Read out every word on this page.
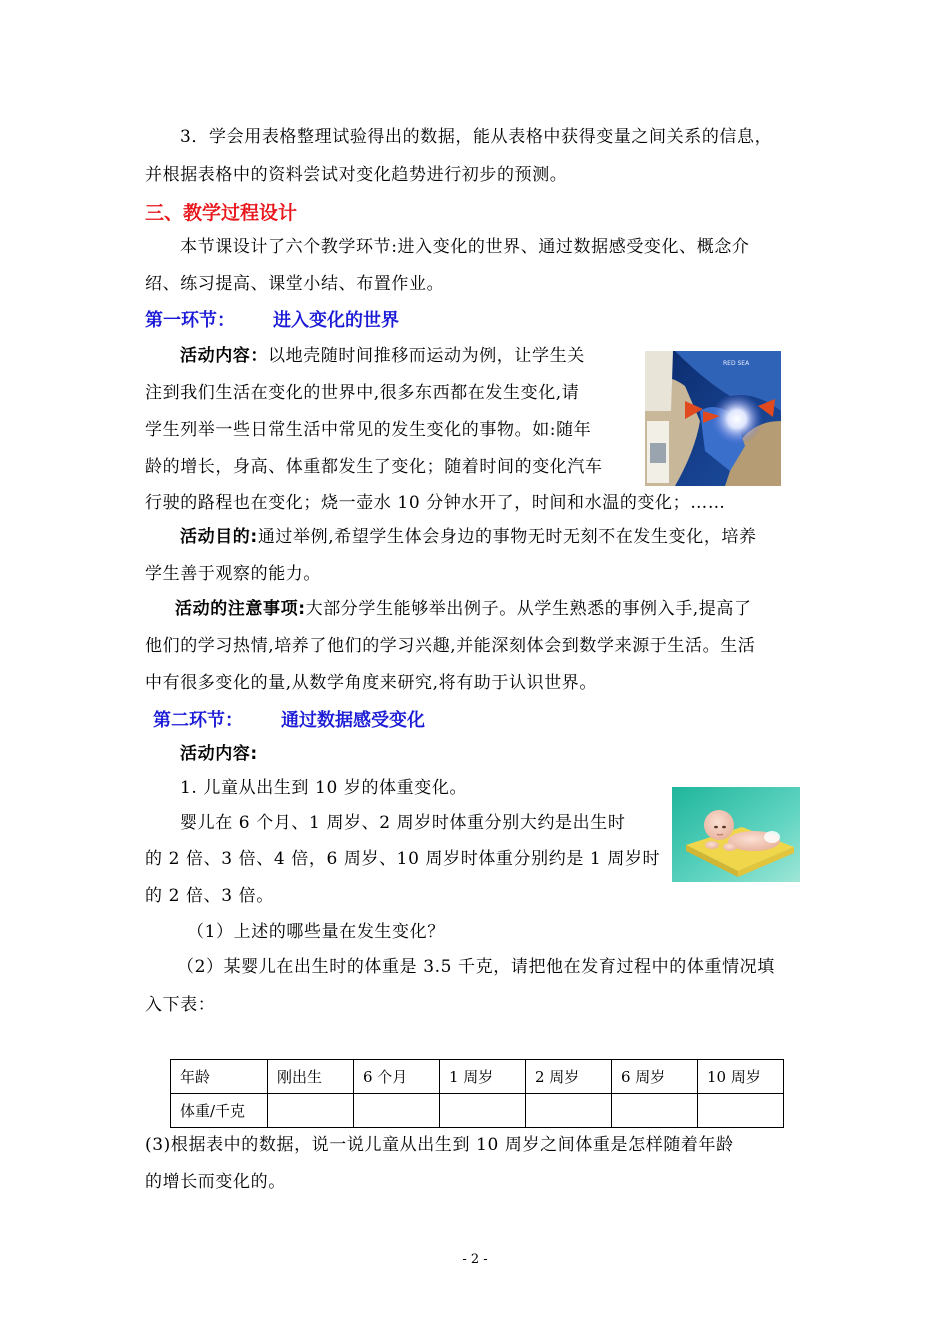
3．学会用表格整理试验得出的数据，能从表格中获得变量之间关系的信息，
并根据表格中的资料尝试对变化趋势进行初步的预测。
三、教学过程设计
本节课设计了六个教学环节:进入变化的世界、通过数据感受变化、概念介
绍、练习提高、课堂小结、布置作业。
第一环节： 进入变化的世界
活动内容：以地壳随时间推移而运动为例，让学生关
注到我们生活在变化的世界中,很多东西都在发生变化,请
学生列举一些日常生活中常见的发生变化的事物。如:随年
龄的增长，身高、体重都发生了变化；随着时间的变化汽车
行驶的路程也在变化；烧一壶水 10 分钟水开了，时间和水温的变化；……
RED SEA
活动目的:通过举例,希望学生体会身边的事物无时无刻不在发生变化，培养
学生善于观察的能力。
活动的注意事项:大部分学生能够举出例子。从学生熟悉的事例入手,提高了
他们的学习热情,培养了他们的学习兴趣,并能深刻体会到数学来源于生活。生活
中有很多变化的量,从数学角度来研究,将有助于认识世界。
第二环节： 通过数据感受变化
活动内容:
1. 儿童从出生到 10 岁的体重变化。
婴儿在 6 个月、1 周岁、2 周岁时体重分别大约是出生时
的 2 倍、3 倍、4 倍，6 周岁、10 周岁时体重分别约是 1 周岁时
的 2 倍、3 倍。
（1）上述的哪些量在发生变化？
（2）某婴儿在出生时的体重是 3.5 千克，请把他在发育过程中的体重情况填
入下表：
年龄	刚出生	6 个月	1 周岁	2 周岁	6 周岁	10 周岁
体重/千克						
(3)根据表中的数据，说一说儿童从出生到 10 周岁之间体重是怎样随着年龄
的增长而变化的。
- 2 -
